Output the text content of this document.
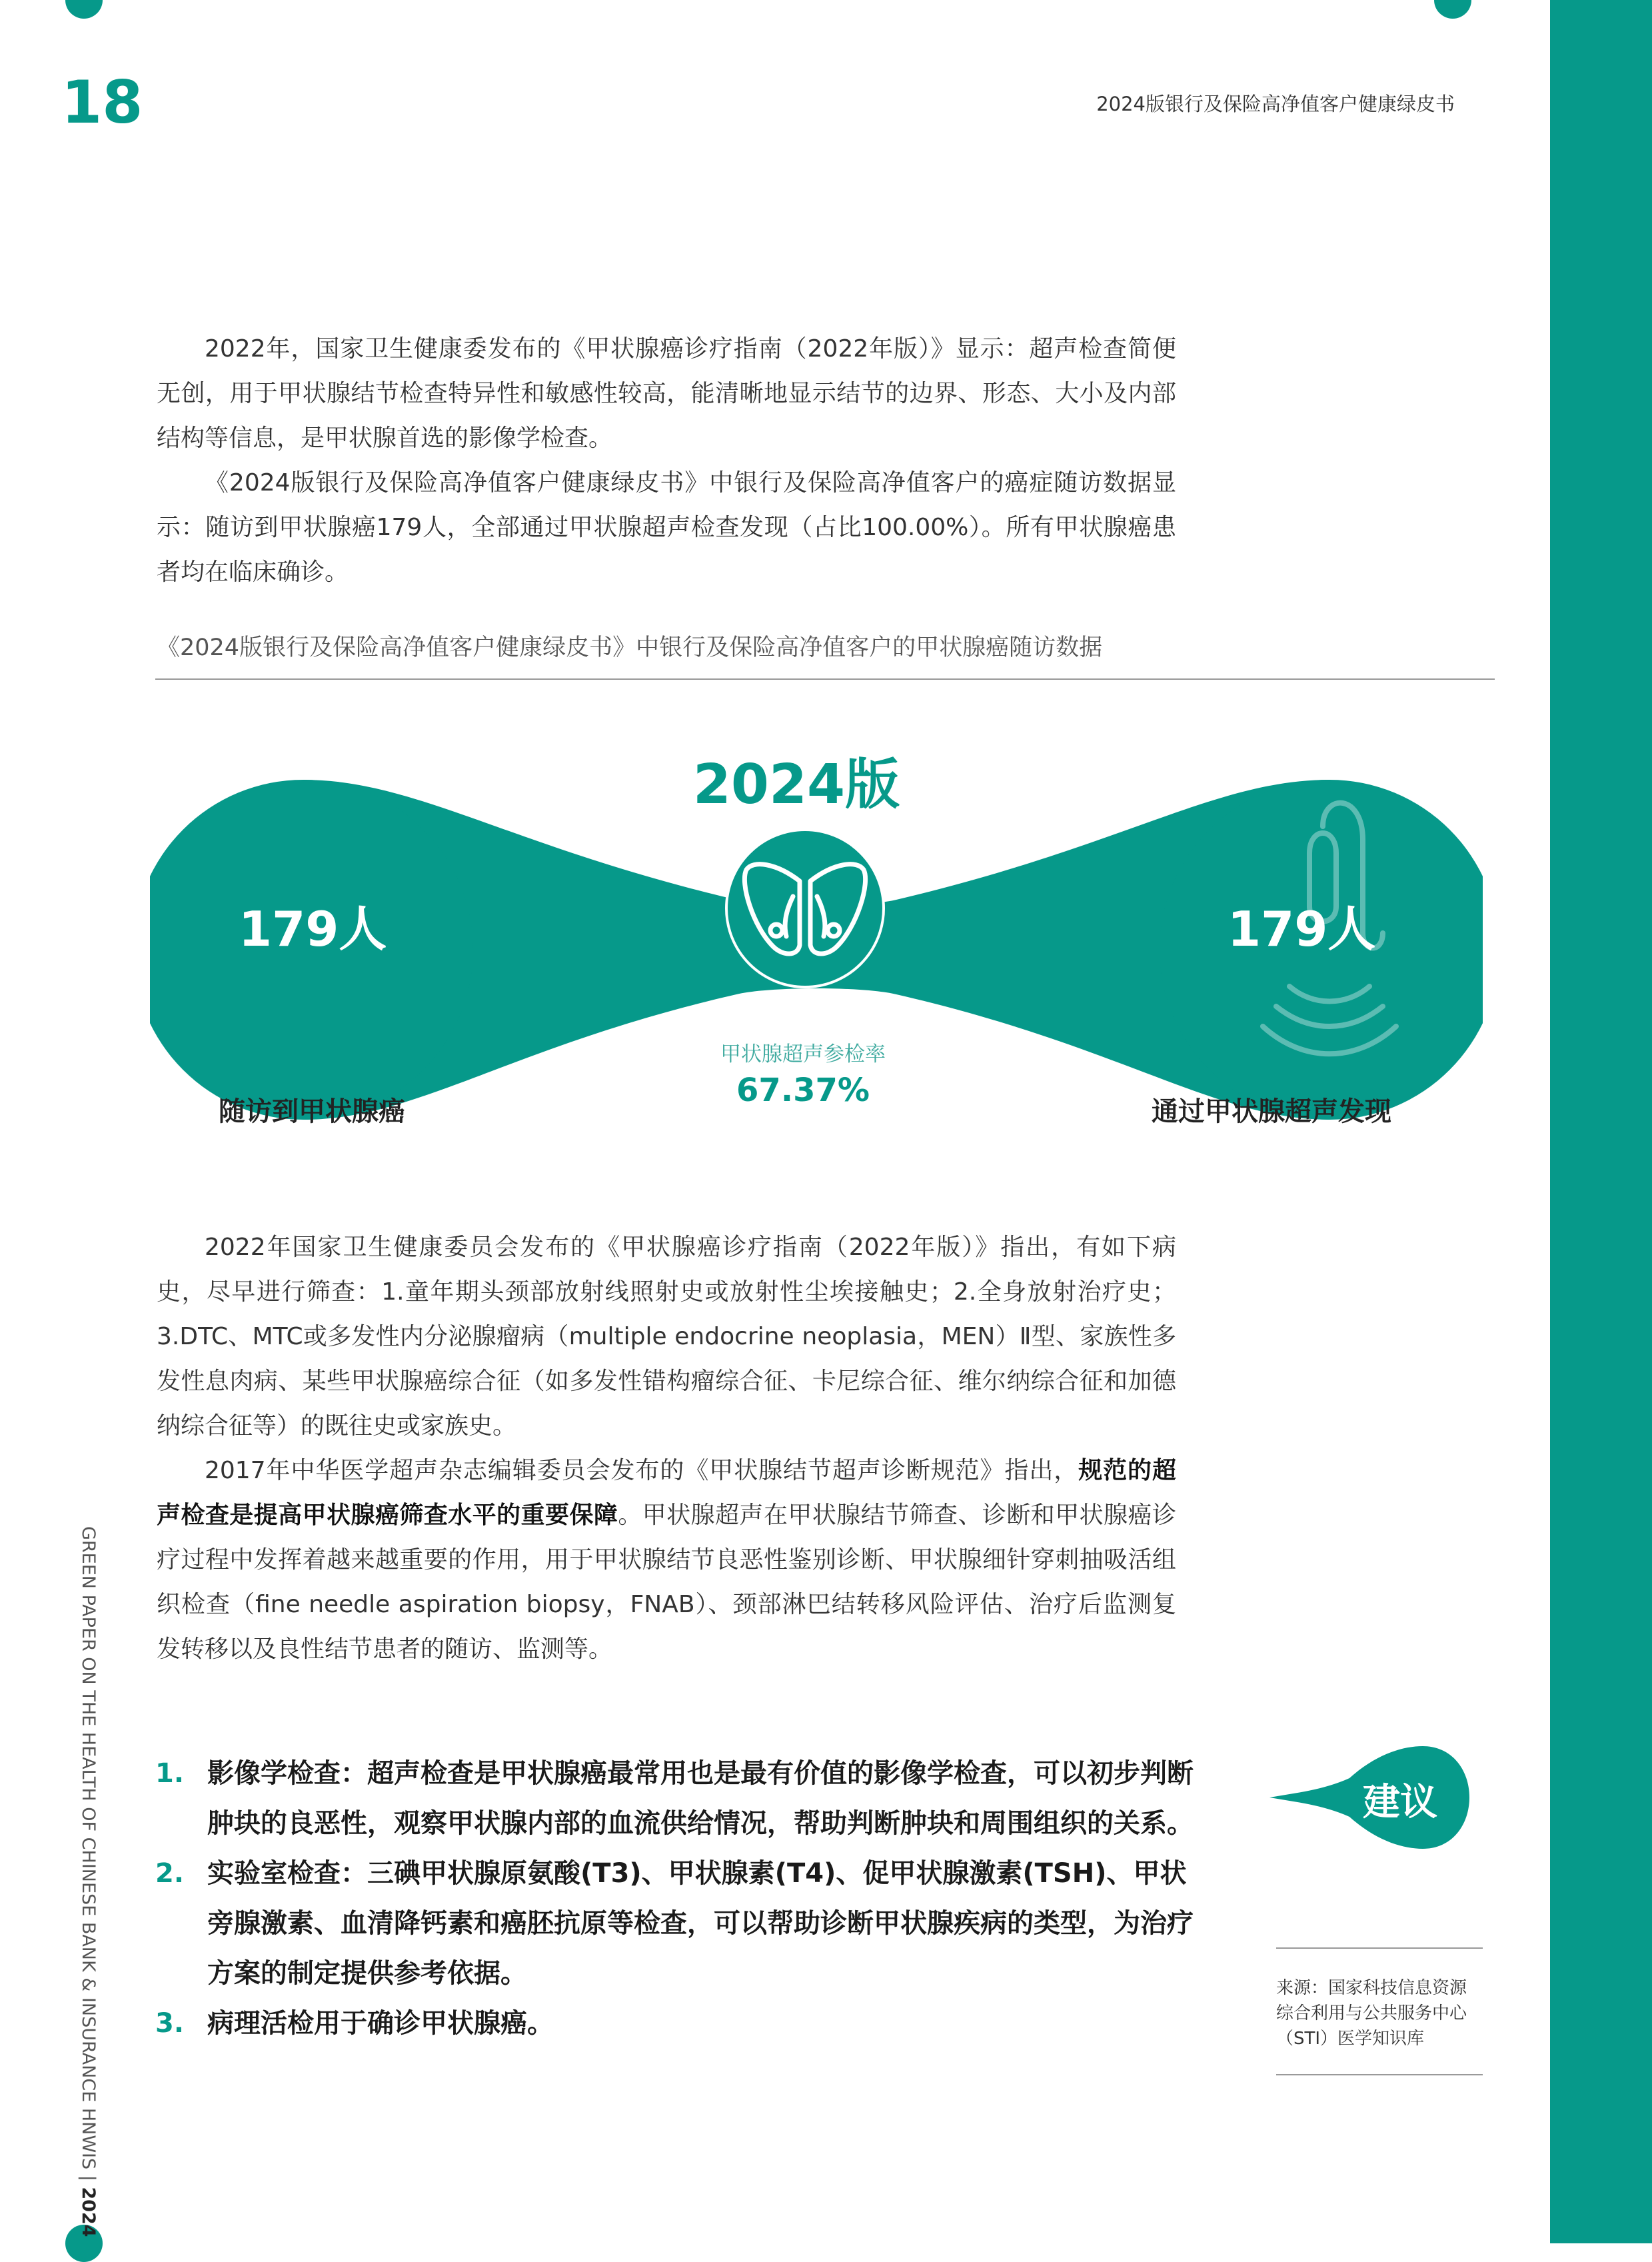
18	2024版银行及保险高净值客户健康绿皮书

2022年，国家卫生健康委发布的《甲状腺癌诊疗指南（2022年版）》显示：超声检查简便无创，用于甲状腺结节检查特异性和敏感性较高，能清晰地显示结节的边界、形态、大小及内部结构等信息，是甲状腺首选的影像学检查。

《2024版银行及保险高净值客户健康绿皮书》中银行及保险高净值客户的癌症随访数据显示：随访到甲状腺癌179人，全部通过甲状腺超声检查发现（占比100.00%）。所有甲状腺癌患者均在临床确诊。

《2024版银行及保险高净值客户健康绿皮书》中银行及保险高净值客户的甲状腺癌随访数据
2024版
179人	179人
随访到甲状腺癌	通过甲状腺超声发现
甲状腺超声参检率
67.37%

2022年国家卫生健康委员会发布的《甲状腺癌诊疗指南（2022年版）》指出，有如下病史，尽早进行筛查：1.童年期头颈部放射线照射史或放射性尘埃接触史；2.全身放射治疗史；3.DTC、MTC或多发性内分泌腺瘤病（multiple endocrine neoplasia，MEN）Ⅱ型、家族性多发性息肉病、某些甲状腺癌综合征（如多发性错构瘤综合征、卡尼综合征、维尔纳综合征和加德纳综合征等）的既往史或家族史。

2017年中华医学超声杂志编辑委员会发布的《甲状腺结节超声诊断规范》指出，规范的超声检查是提高甲状腺癌筛查水平的重要保障。甲状腺超声在甲状腺结节筛查、诊断和甲状腺癌诊疗过程中发挥着越来越重要的作用，用于甲状腺结节良恶性鉴别诊断、甲状腺细针穿刺抽吸活组织检查（fine needle aspiration biopsy，FNAB）、颈部淋巴结转移风险评估、治疗后监测复发转移以及良性结节患者的随访、监测等。

1. 影像学检查：超声检查是甲状腺癌最常用也是最有价值的影像学检查，可以初步判断肿块的良恶性，观察甲状腺内部的血流供给情况，帮助判断肿块和周围组织的关系。
2. 实验室检查：三碘甲状腺原氨酸(T3)、甲状腺素(T4)、促甲状腺激素(TSH)、甲状旁腺激素、血清降钙素和癌胚抗原等检查，可以帮助诊断甲状腺疾病的类型，为治疗方案的制定提供参考依据。
3. 病理活检用于确诊甲状腺癌。
建议
来源：国家科技信息资源综合利用与公共服务中心（STI）医学知识库
GREEN PAPER ON THE HEALTH OF CHINESE BANK & INSURANCE HNWIS | 2024
